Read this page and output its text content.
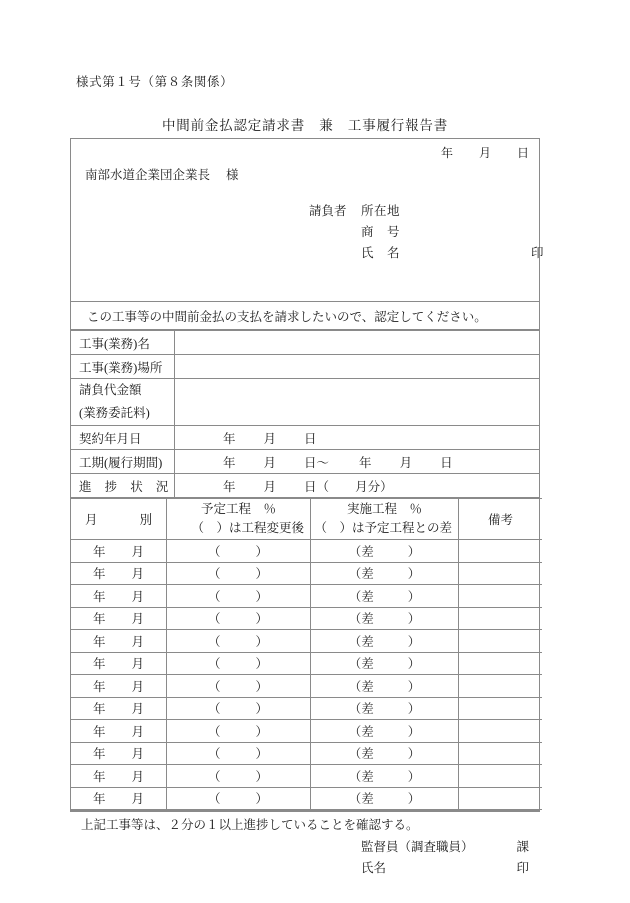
様式第１号（第８条関係）
中間前金払認定請求書　兼　工事履行報告書
年 月 日
南部水道企業団企業長 様
請負者	所在地
商　号
氏　名	印
この工事等の中間前金払の支払を請求したいので、認定してください。
工事(業務)名	
工事(業務)場所	

請負代金額
(業務委託料)	

契約年月日	年 月 日
工期(履行期間)	年 月 日～ 年 月 日
進 捗 状 況	年 月 日（ 月分）
月 別	予定工程　％
（　）は工程変更後	実施工程　％
（　）は予定工程との差	備考

年 月	（ ）	（差 ）	

年 月	（ ）	（差 ）	

年 月	（ ）	（差 ）	

年 月	（ ）	（差 ）	

年 月	（ ）	（差 ）	

年 月	（ ）	（差 ）	

年 月	（ ）	（差 ）	

年 月	（ ）	（差 ）	

年 月	（ ）	（差 ）	

年 月	（ ）	（差 ）	

年 月	（ ）	（差 ）	

年 月	（ ）	（差 ）	
上記工事等は、２分の１以上進捗していることを確認する。
監督員（調査職員）	課
氏名	印
